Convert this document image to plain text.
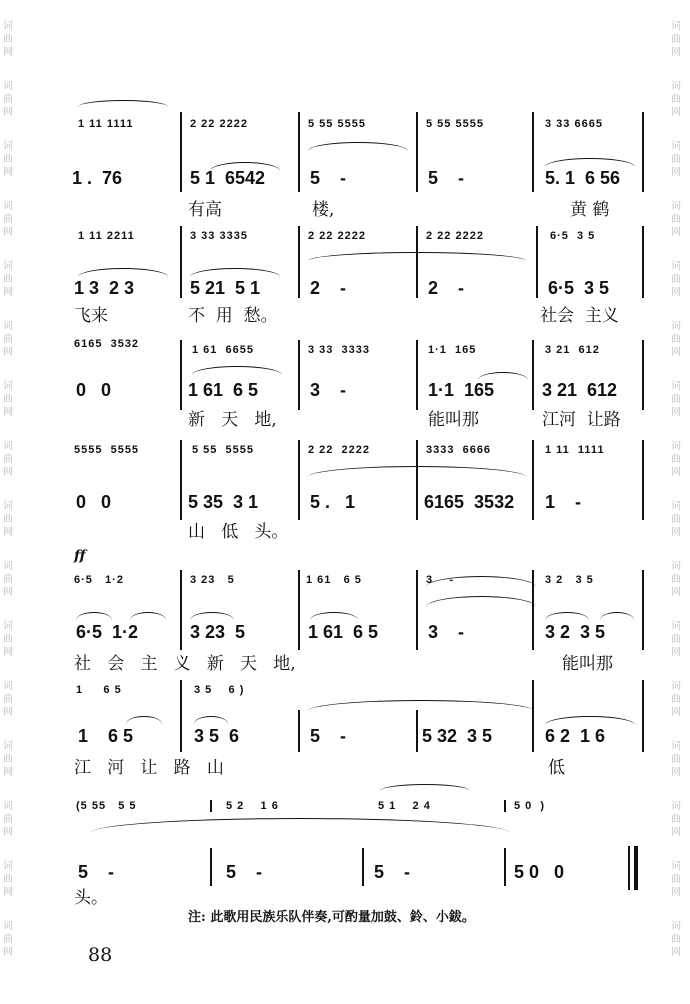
词
曲
网
词
曲
网
词
曲
网
词
曲
网
词
曲
网
词
曲
网
词
曲
网
词
曲
网
词
曲
网
词
曲
网
词
曲
网
词
曲
网
词
曲
网
词
曲
网
词
曲
网
词
曲
网
词
曲
网
词
曲
网
词
曲
网
词
曲
网
词
曲
网
词
曲
网
词
曲
网
词
曲
网
词
曲
网
词
曲
网
词
曲
网
词
曲
网
词
曲
网
词
曲
网
词
曲
网
词
曲
网
1 11 1111	2 22 2222	5 55 5555	5 55 5555	3 33 6665
1 .  76	5 1  6542 5    -	5    -	5. 1  6 56
有高	楼,	黄 鹤
1 11 2211	3 33 3335	2 22 2222	2 22 2222	6·5  3 5
1 3  2 3	5 21  5 1	2    -	2    -	6·5  3 5
飞来	不  用  愁。	社会  主义
6165  3532	1 61  6655	3 33  3333	1·1  165	3 21  612
0   0	1 61  6 5	3    -	1·1  165	3 21  612
新   天   地,	能叫那	江河  让路
5555  5555	5 55  5555	2 22  2222	3333  6666	1 11  1111
0   0	5 35  3 1	5 .   1	6165  3532 1    -
山   低   头。
ff
6·5   1·2	3 23   5	1 61   6 5	3    -	3 2   3 5
6·5  1·2	3 23  5	1 61  6 5	3    -	3 2  3 5
社   会   主   义   新   天   地,	能叫那
1     6 5	3 5    6 )
1    6 5	3 5  6	5    -	5 32  3 5	6 2  1 6
江   河   让   路   山	低
(5 55   5 5	5 2    1 6	5 1    2 4	5 0  )
5    -	5    -	5    -	5 0   0
头。
注: 此歌用民族乐队伴奏,可酌量加鼓、鈴、小鈸。
88
